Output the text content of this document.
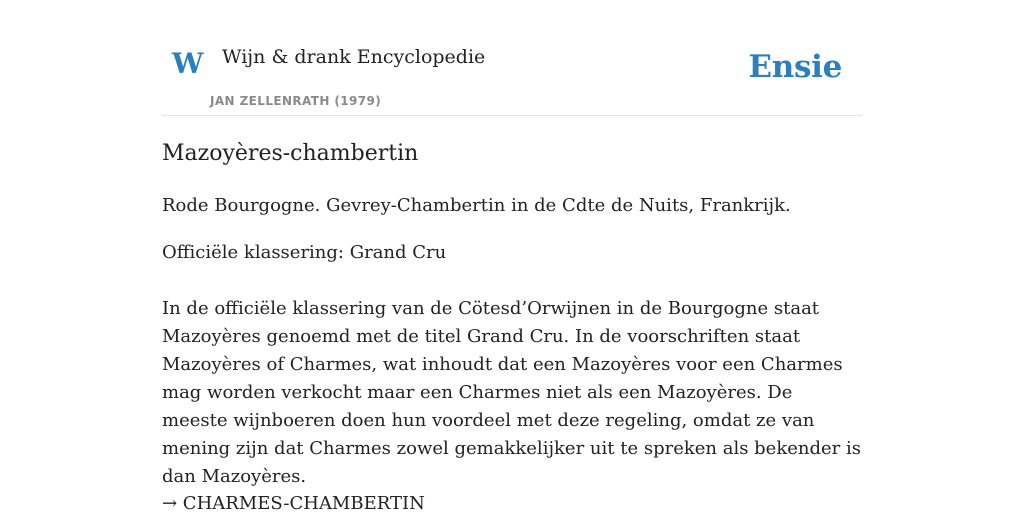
W Wijn & drank Encyclopedie
JAN ZELLENRATH (1979)
Ensie
Mazoyères-chambertin

Rode Bourgogne. Gevrey-Chambertin in de Cdte de Nuits, Frankrijk.

Officiële klassering: Grand Cru

In de officiële klassering van de Cötesd’Orwijnen in de Bourgogne staat Mazoyères genoemd met de titel Grand Cru. In de voorschriften staat Mazoyères of Charmes, wat inhoudt dat een Mazoyères voor een Charmes mag worden verkocht maar een Charmes niet als een Mazoyères. De meeste wijnboeren doen hun voordeel met deze regeling, omdat ze van mening zijn dat Charmes zowel gemakkelijker uit te spreken als bekender is dan Mazoyères.

→ CHARMES-CHAMBERTIN
